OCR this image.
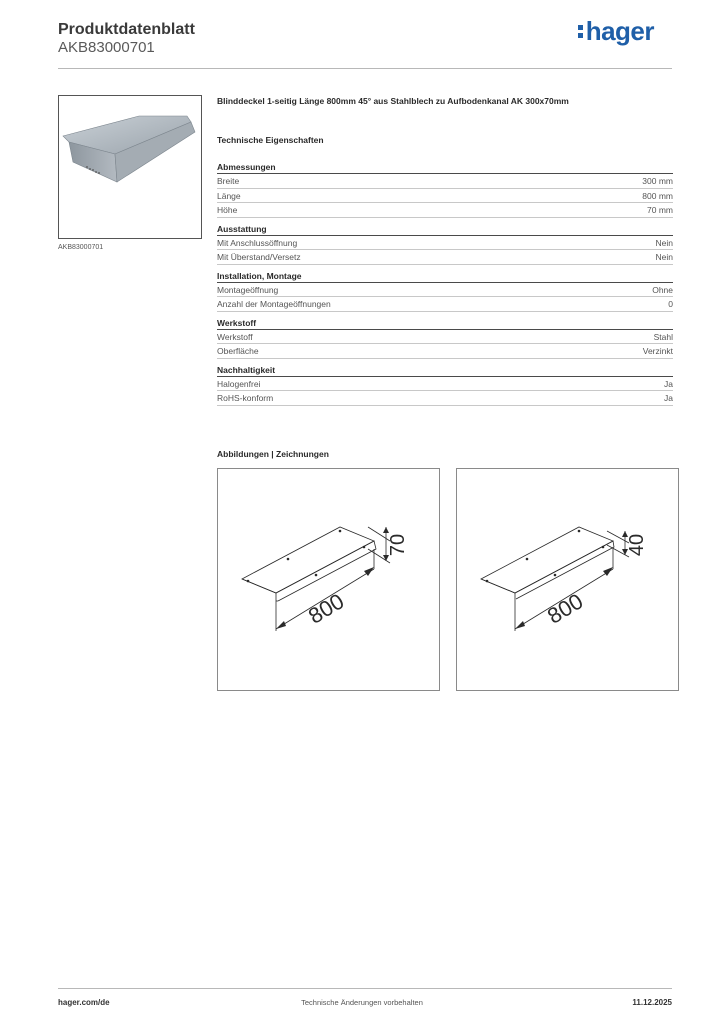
Produktdatenblatt
AKB83000701
hager
AKB83000701
Blinddeckel 1-seitig Länge 800mm 45° aus Stahlblech zu Aufbodenkanal AK 300x70mm
Technische Eigenschaften
Abmessungen
Breite	300 mm
Länge	800 mm
Höhe	70 mm
Ausstattung
Mit Anschlussöffnung	Nein
Mit Überstand/Versetz	Nein
Installation, Montage
Montageöffnung	Ohne
Anzahl der Montageöffnungen	0
Werkstoff
Werkstoff	Stahl
Oberfläche	Verzinkt
Nachhaltigkeit
Halogenfrei	Ja
RoHS-konform	Ja
Abbildungen | Zeichnungen
800
70
800
40
hager.com/de	Technische Änderungen vorbehalten	11.12.2025
